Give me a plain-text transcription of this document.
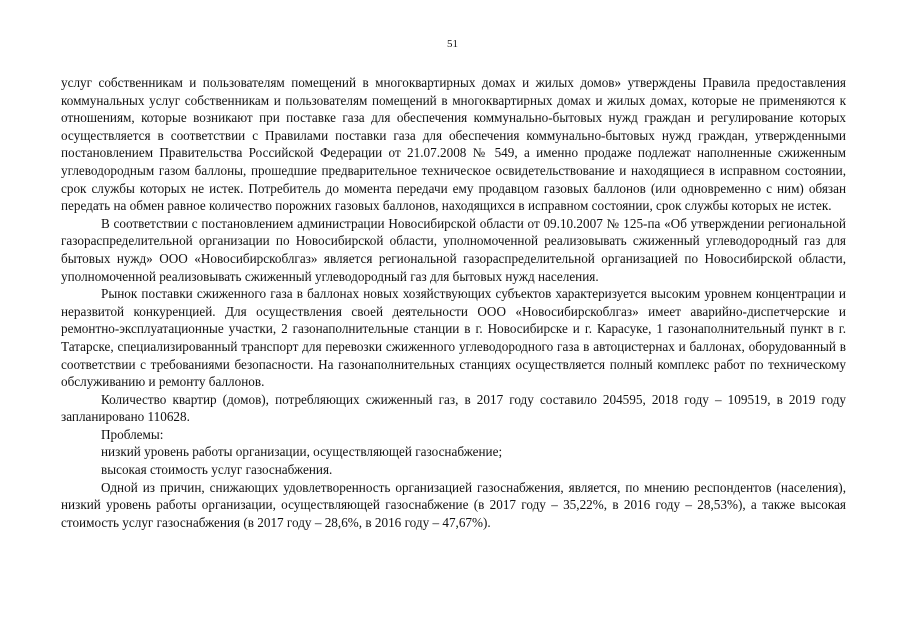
51

услуг собственникам и пользователям помещений в многоквартирных домах и жилых домов» утверждены Правила предоставления коммунальных услуг собственникам и пользователям помещений в многоквартирных домах и жилых домах, которые не применяются к отношениям, которые возникают при поставке газа для обеспечения коммунально-бытовых нужд граждан и регулирование которых осуществляется в соответствии с Правилами поставки газа для обеспечения коммунально-бытовых нужд граждан, утвержденными постановлением Правительства Российской Федерации от 21.07.2008 № 549, а именно продаже подлежат наполненные сжиженным углеводородным газом баллоны, прошедшие предварительное техническое освидетельствование и находящиеся в исправном состоянии, срок службы которых не истек. Потребитель до момента передачи ему продавцом газовых баллонов (или одновременно с ним) обязан передать на обмен равное количество порожних газовых баллонов, находящихся в исправном состоянии, срок службы которых не истек.

В соответствии с постановлением администрации Новосибирской области от 09.10.2007 № 125-па «Об утверждении региональной газораспределительной организации по Новосибирской области, уполномоченной реализовывать сжиженный углеводородный газ для бытовых нужд» ООО «Новосибирскоблгаз» является региональной газораспределительной организацией по Новосибирской области, уполномоченной реализовывать сжиженный углеводородный газ для бытовых нужд населения.

Рынок поставки сжиженного газа в баллонах новых хозяйствующих субъектов характеризуется высоким уровнем концентрации и неразвитой конкуренцией. Для осуществления своей деятельности ООО «Новосибирскоблгаз» имеет аварийно-диспетчерские и ремонтно-эксплуатационные участки, 2 газонаполнительные станции в г. Новосибирске и г. Карасуке, 1 газонаполнительный пункт в г. Татарске, специализированный транспорт для перевозки сжиженного углеводородного газа в автоцистернах и баллонах, оборудованный в соответствии с требованиями безопасности. На газонаполнительных станциях осуществляется полный комплекс работ по техническому обслуживанию и ремонту баллонов.

Количество квартир (домов), потребляющих сжиженный газ, в 2017 году составило 204595, 2018 году – 109519, в 2019 году запланировано 110628.

Проблемы:

низкий уровень работы организации, осуществляющей газоснабжение;

высокая стоимость услуг газоснабжения.

Одной из причин, снижающих удовлетворенность организацией газоснабжения, является, по мнению респондентов (населения), низкий уровень работы организации, осуществляющей газоснабжение (в 2017 году – 35,22%, в 2016 году – 28,53%), а также высокая стоимость услуг газоснабжения (в 2017 году – 28,6%, в 2016 году – 47,67%).
